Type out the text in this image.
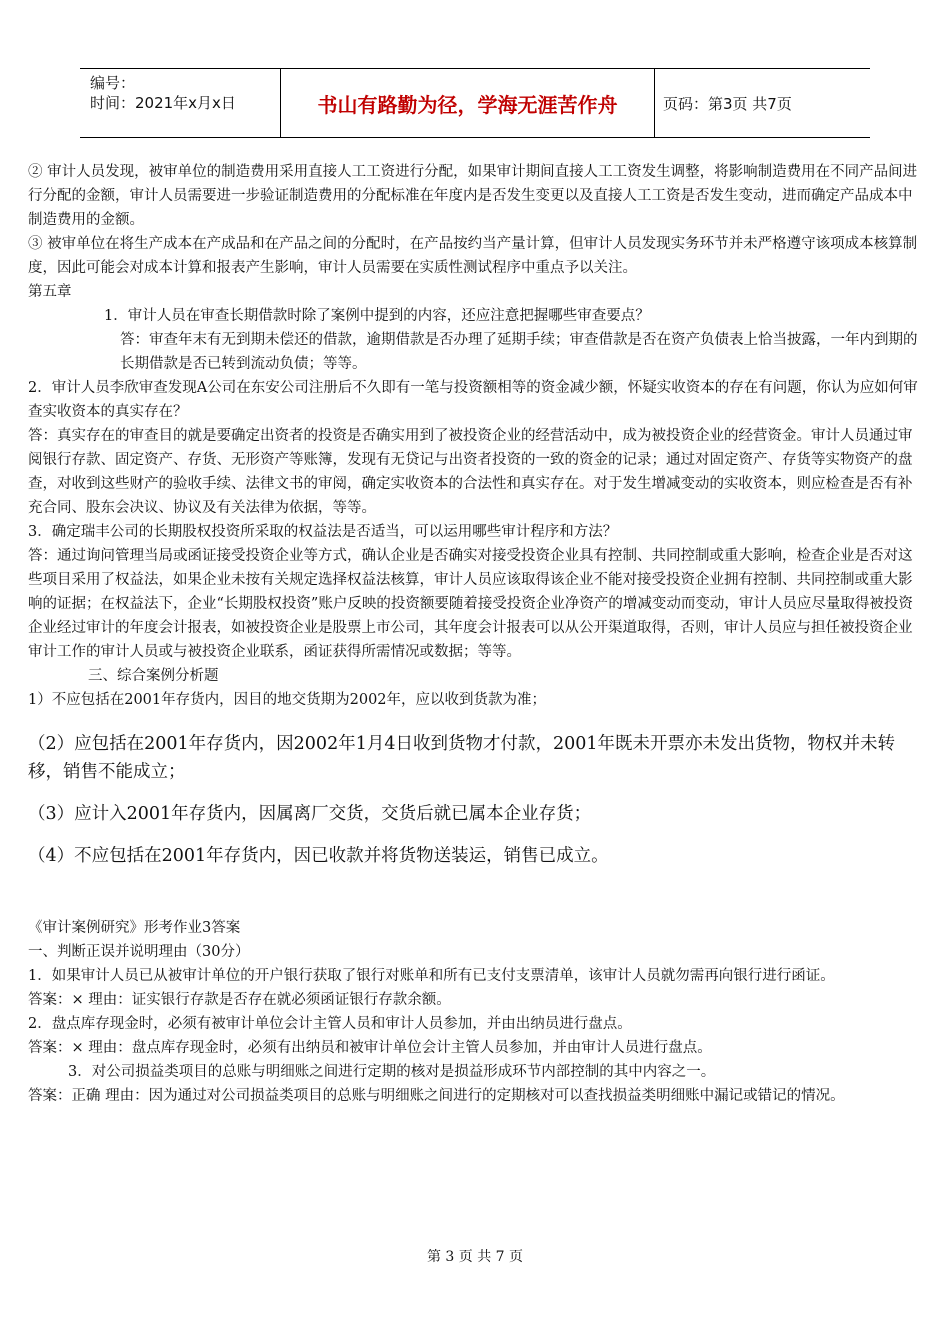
编号：
时间：2021年x月x日	书山有路勤为径，学海无涯苦作舟	页码：第3页 共7页

② 审计人员发现，被审单位的制造费用采用直接人工工资进行分配，如果审计期间直接人工工资发生调整，将影响制造费用在不同产品间进行分配的金额，审计人员需要进一步验证制造费用的分配标准在年度内是否发生变更以及直接人工工资是否发生变动，进而确定产品成本中制造费用的金额。

③ 被审单位在将生产成本在产成品和在产品之间的分配时，在产品按约当产量计算，但审计人员发现实务环节并未严格遵守该项成本核算制度，因此可能会对成本计算和报表产生影响，审计人员需要在实质性测试程序中重点予以关注。

第五章

1．审计人员在审查长期借款时除了案例中提到的内容，还应注意把握哪些审查要点？

答：审查年末有无到期未偿还的借款，逾期借款是否办理了延期手续；审查借款是否在资产负债表上恰当披露，一年内到期的长期借款是否已转到流动负债；等等。

2．审计人员李欣审查发现A公司在东安公司注册后不久即有一笔与投资额相等的资金减少额，怀疑实收资本的存在有问题，你认为应如何审查实收资本的真实存在？

答：真实存在的审查目的就是要确定出资者的投资是否确实用到了被投资企业的经营活动中，成为被投资企业的经营资金。审计人员通过审阅银行存款、固定资产、存货、无形资产等账簿，发现有无贷记与出资者投资的一致的资金的记录；通过对固定资产、存货等实物资产的盘查，对收到这些财产的验收手续、法律文书的审阅，确定实收资本的合法性和真实存在。对于发生增减变动的实收资本，则应检查是否有补充合同、股东会决议、协议及有关法律为依据，等等。

3．确定瑞丰公司的长期股权投资所采取的权益法是否适当，可以运用哪些审计程序和方法？

答：通过询问管理当局或函证接受投资企业等方式，确认企业是否确实对接受投资企业具有控制、共同控制或重大影响，检查企业是否对这些项目采用了权益法，如果企业未按有关规定选择权益法核算，审计人员应该取得该企业不能对接受投资企业拥有控制、共同控制或重大影响的证据；在权益法下，企业“长期股权投资”账户反映的投资额要随着接受投资企业净资产的增减变动而变动，审计人员应尽量取得被投资企业经过审计的年度会计报表，如被投资企业是股票上市公司，其年度会计报表可以从公开渠道取得，否则，审计人员应与担任被投资企业审计工作的审计人员或与被投资企业联系，函证获得所需情况或数据；等等。

三、综合案例分析题

1）不应包括在2001年存货内，因目的地交货期为2002年，应以收到货款为准；

（2）应包括在2001年存货内，因2002年1月4日收到货物才付款，2001年既未开票亦未发出货物，物权并未转移，销售不能成立；

（3）应计入2001年存货内，因属离厂交货，交货后就已属本企业存货；

（4）不应包括在2001年存货内，因已收款并将货物送装运，销售已成立。

《审计案例研究》形考作业3答案

一、判断正误并说明理由（30分）

1．如果审计人员已从被审计单位的开户银行获取了银行对账单和所有已支付支票清单，该审计人员就勿需再向银行进行函证。

答案：× 理由：证实银行存款是否存在就必须函证银行存款余额。

2．盘点库存现金时，必须有被审计单位会计主管人员和审计人员参加，并由出纳员进行盘点。

答案：× 理由：盘点库存现金时，必须有出纳员和被审计单位会计主管人员参加，并由审计人员进行盘点。

3．对公司损益类项目的总账与明细账之间进行定期的核对是损益形成环节内部控制的其中内容之一。

答案：正确 理由：因为通过对公司损益类项目的总账与明细账之间进行的定期核对可以查找损益类明细账中漏记或错记的情况。

第 3 页 共 7 页
